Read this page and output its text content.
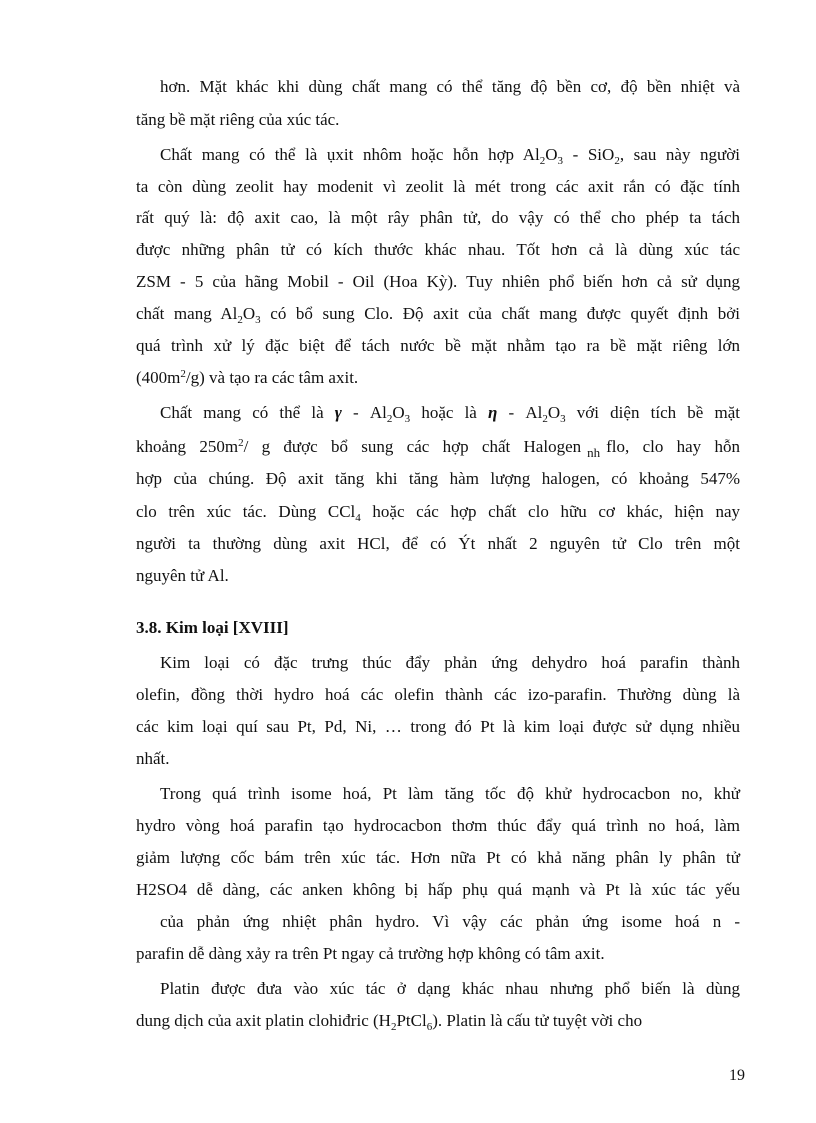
hơn. Mặt khác khi dùng chất mang có thể tăng độ bền cơ, độ bền nhiệt và
tăng bề mặt riêng của xúc tác.
Chất mang có thể là ụxit nhôm hoặc hỗn hợp $Al_2O_3 - SiO_2$, sau này người
ta còn dùng zeolit hay modenit vì zeolit là mét trong các axit rắn có đặc tính
rất quý là: độ axit cao, là một rây phân tử, do vậy có thể cho phép ta tách
được những phân tử có kích thước khác nhau. Tốt hơn cả là dùng xúc tác
ZSM - 5 của hãng Mobil - Oil (Hoa Kỳ). Tuy nhiên phổ biến hơn cả sử dụng
chất mang $Al_2O_3$ có bổ sung Clo. Độ axit của chất mang được quyết định bởi
quá trình xử lý đặc biệt để tách nước bề mặt nhằm tạo ra bề mặt riêng lớn
$(400m^2/g)$ và tạo ra các tâm axit.
Chất mang có thể là γ - $Al_2O_3$ hoặc là η - $Al_2O_3$ với diện tích bề mặt
khoảng $250m^2/$ g được bổ sung các hợp chất Halogen $_{nh}$ flo, clo hay hỗn
hợp của chúng. Độ axit tăng khi tăng hàm lượng halogen, có khoảng 547%
clo trên xúc tác. Dùng CCl$_4$ hoặc các hợp chất clo hữu cơ khác, hiện nay
người ta thường dùng axit HCl, để có Ýt nhất 2 nguyên tử Clo trên một
nguyên tử Al.
3.8. Kim loại [XVIII]
Kim loại có đặc trưng thúc đẩy phản ứng dehydro hoá parafin thành
olefin, đồng thời hydro hoá các olefin thành các izo-parafin. Thường dùng là
các kim loại quí sau Pt, Pd, Ni, … trong đó Pt là kim loại được sử dụng nhiều
nhất.
Trong quá trình isome hoá, Pt làm tăng tốc độ khử hydrocacbon no, khử
hydro vòng hoá parafin tạo hydrocacbon thơm thúc đẩy quá trình no hoá, làm
giảm lượng cốc bám trên xúc tác. Hơn nữa Pt có khả năng phân ly phân tử
H2SO4 dễ dàng, các anken không bị hấp phụ quá mạnh và Pt là xúc tác yếu
của phản ứng nhiệt phân hydro. Vì vậy các phản ứng isome hoá n -
parafin dễ dàng xảy ra trên Pt ngay cả trường hợp không có tâm axit.
Platin được đưa vào xúc tác ở dạng khác nhau nhưng phổ biến là dùng
dung dịch của axit platin clohiđric $(H_2PtCl_6)$. Platin là cấu tử tuyệt vời cho
19
